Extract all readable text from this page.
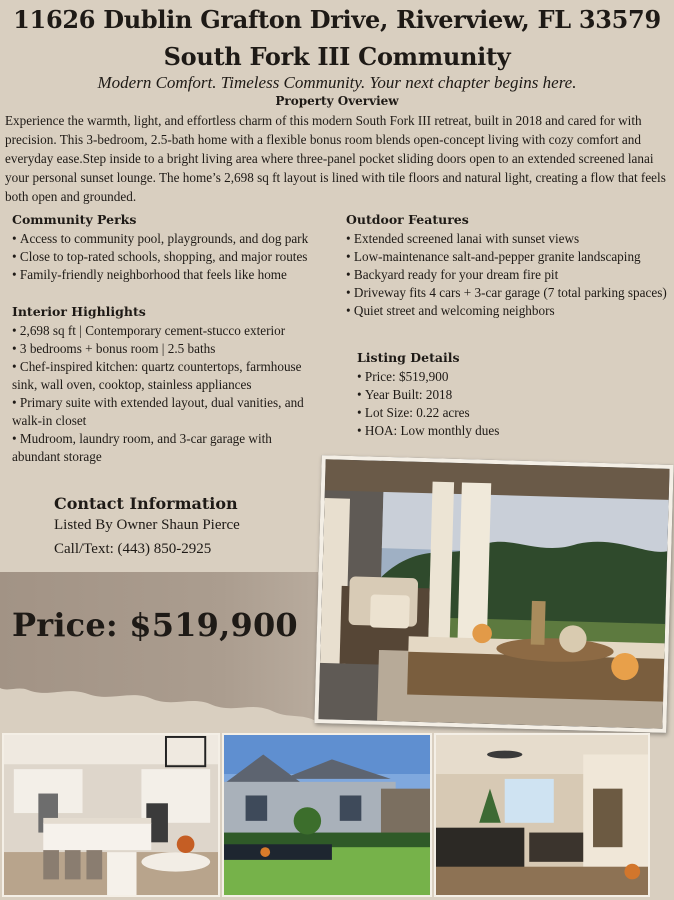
11626 Dublin Grafton Drive, Riverview, FL 33579
South Fork III Community
Modern Comfort. Timeless Community. Your next chapter begins here.
Property Overview
Experience the warmth, light, and effortless charm of this modern South Fork III retreat, built in 2018 and cared for with precision. This 3-bedroom, 2.5-bath home with a flexible bonus room blends open-concept living with cozy comfort and everyday ease.Step inside to a bright living area where three-panel pocket sliding doors open to an extended screened lanai your personal sunset lounge. The home’s 2,698 sq ft layout is lined with tile floors and natural light, creating a flow that feels both open and grounded.
Community Perks
• Access to community pool, playgrounds, and dog park
• Close to top-rated schools, shopping, and major routes
• Family-friendly neighborhood that feels like home
Interior Highlights
• 2,698 sq ft | Contemporary cement-stucco exterior
• 3 bedrooms + bonus room | 2.5 baths
• Chef-inspired kitchen: quartz countertops, farmhouse sink, wall oven, cooktop, stainless appliances
• Primary suite with extended layout, dual vanities, and walk-in closet
• Mudroom, laundry room, and 3-car garage with abundant storage
Outdoor Features
• Extended screened lanai with sunset views
• Low-maintenance salt-and-pepper granite landscaping
• Backyard ready for your dream fire pit
• Driveway fits 4 cars + 3-car garage (7 total parking spaces)
• Quiet street and welcoming neighbors
Listing Details
• Price: $519,900
• Year Built: 2018
• Lot Size: 0.22 acres
• HOA: Low monthly dues
Contact Information
Listed By Owner Shaun Pierce
Call/Text: (443) 850-2925
Price: $519,900
